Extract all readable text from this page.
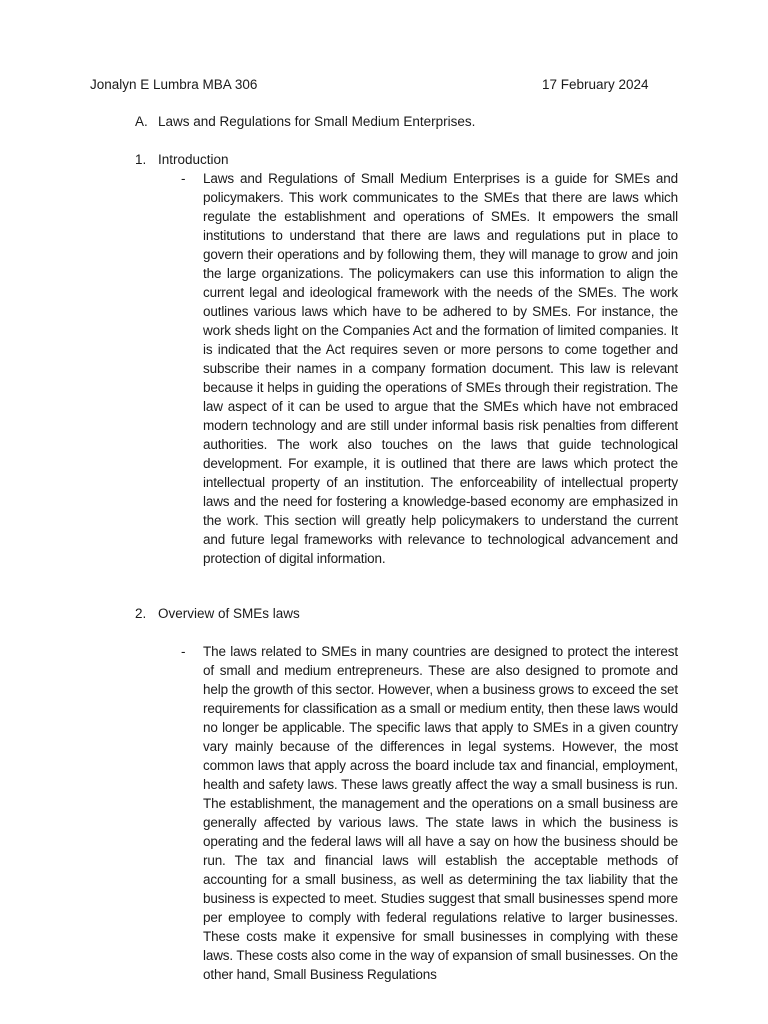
Jonalyn E Lumbra MBA 306	17 February 2024
A. Laws and Regulations for Small Medium Enterprises.
1. Introduction
- Laws and Regulations of Small Medium Enterprises is a guide for SMEs and policymakers. This work communicates to the SMEs that there are laws which regulate the establishment and operations of SMEs. It empowers the small institutions to understand that there are laws and regulations put in place to govern their operations and by following them, they will manage to grow and join the large organizations. The policymakers can use this information to align the current legal and ideological framework with the needs of the SMEs. The work outlines various laws which have to be adhered to by SMEs. For instance, the work sheds light on the Companies Act and the formation of limited companies. It is indicated that the Act requires seven or more persons to come together and subscribe their names in a company formation document. This law is relevant because it helps in guiding the operations of SMEs through their registration. The law aspect of it can be used to argue that the SMEs which have not embraced modern technology and are still under informal basis risk penalties from different authorities. The work also touches on the laws that guide technological development. For example, it is outlined that there are laws which protect the intellectual property of an institution. The enforceability of intellectual property laws and the need for fostering a knowledge-based economy are emphasized in the work. This section will greatly help policymakers to understand the current and future legal frameworks with relevance to technological advancement and protection of digital information.
2. Overview of SMEs laws
- The laws related to SMEs in many countries are designed to protect the interest of small and medium entrepreneurs. These are also designed to promote and help the growth of this sector. However, when a business grows to exceed the set requirements for classification as a small or medium entity, then these laws would no longer be applicable. The specific laws that apply to SMEs in a given country vary mainly because of the differences in legal systems. However, the most common laws that apply across the board include tax and financial, employment, health and safety laws. These laws greatly affect the way a small business is run. The establishment, the management and the operations on a small business are generally affected by various laws. The state laws in which the business is operating and the federal laws will all have a say on how the business should be run. The tax and financial laws will establish the acceptable methods of accounting for a small business, as well as determining the tax liability that the business is expected to meet. Studies suggest that small businesses spend more per employee to comply with federal regulations relative to larger businesses. These costs make it expensive for small businesses in complying with these laws. These costs also come in the way of expansion of small businesses. On the other hand, Small Business Regulations
